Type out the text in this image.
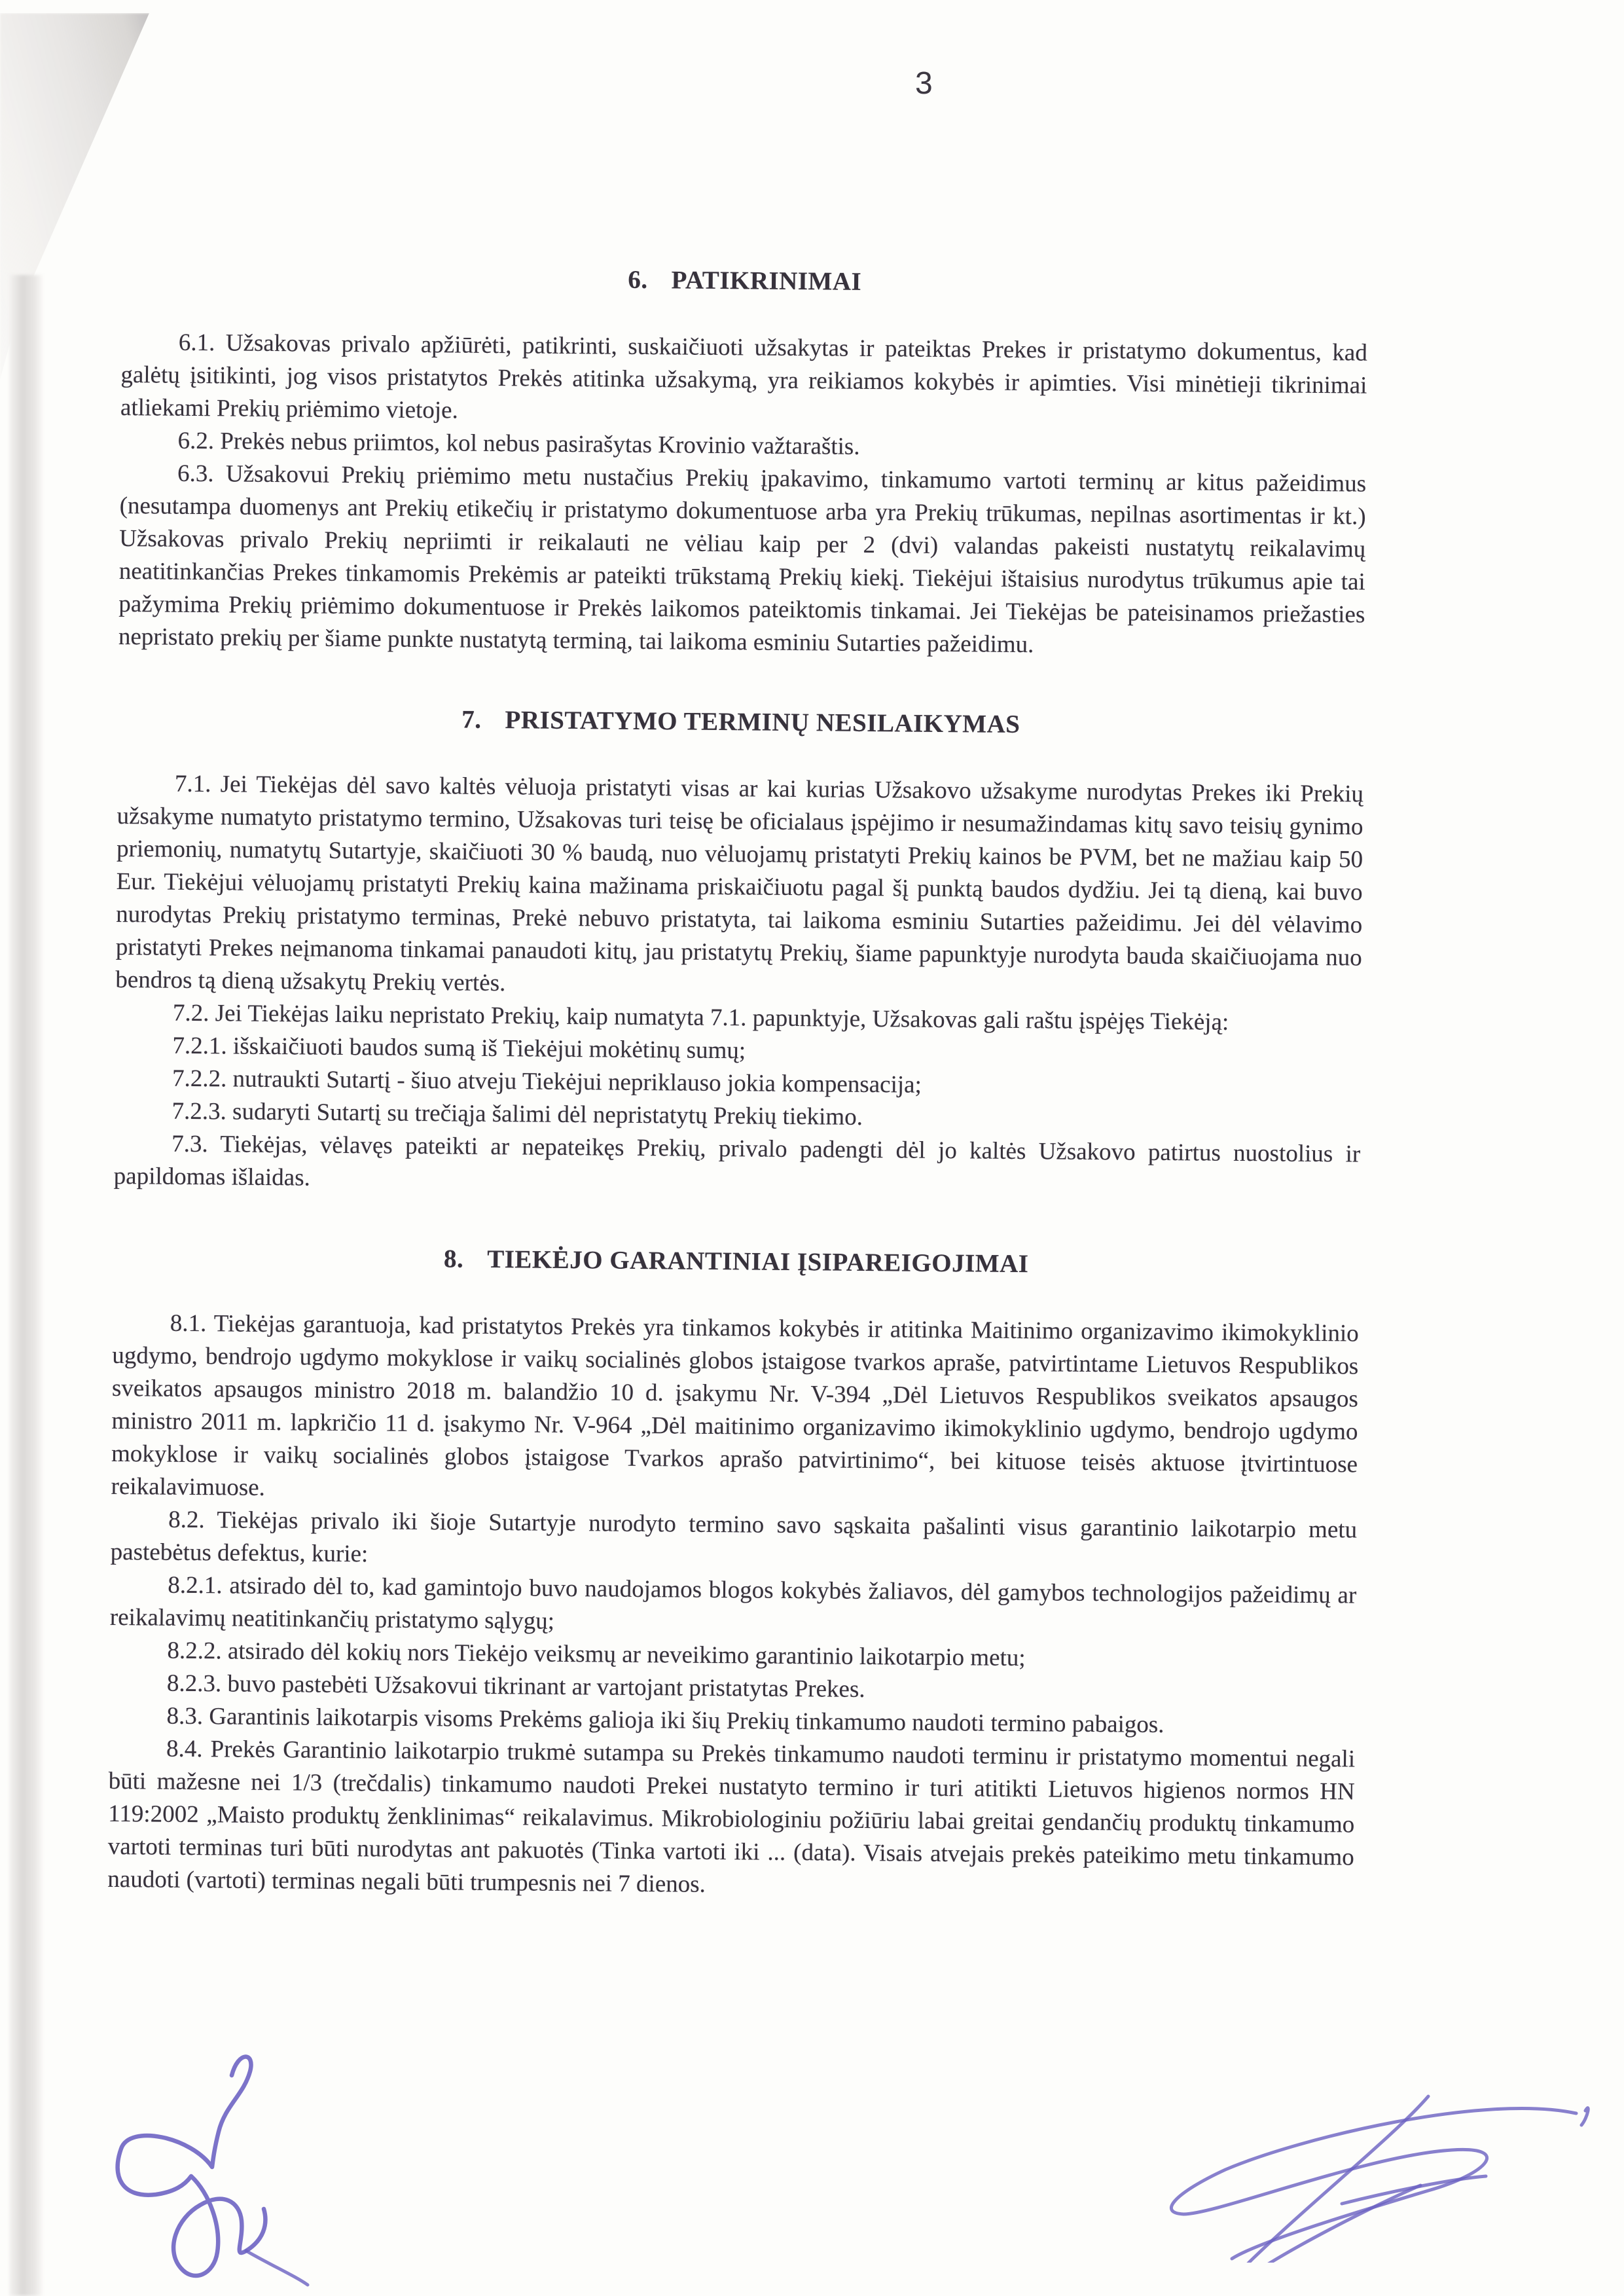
3
6. PATIKRINIMAI

6.1. Užsakovas privalo apžiūrėti, patikrinti, suskaičiuoti užsakytas ir pateiktas Prekes ir pristatymo dokumentus, kad galėtų įsitikinti, jog visos pristatytos Prekės atitinka užsakymą, yra reikiamos kokybės ir apimties. Visi minėtieji tikrinimai atliekami Prekių priėmimo vietoje.

6.2. Prekės nebus priimtos, kol nebus pasirašytas Krovinio važtaraštis.

6.3. Užsakovui Prekių priėmimo metu nustačius Prekių įpakavimo, tinkamumo vartoti terminų ar kitus pažeidimus (nesutampa duomenys ant Prekių etikečių ir pristatymo dokumentuose arba yra Prekių trūkumas, nepilnas asortimentas ir kt.) Užsakovas privalo Prekių nepriimti ir reikalauti ne vėliau kaip per 2 (dvi) valandas pakeisti nustatytų reikalavimų neatitinkančias Prekes tinkamomis Prekėmis ar pateikti trūkstamą Prekių kiekį. Tiekėjui ištaisius nurodytus trūkumus apie tai pažymima Prekių priėmimo dokumentuose ir Prekės laikomos pateiktomis tinkamai. Jei Tiekėjas be pateisinamos priežasties nepristato prekių per šiame punkte nustatytą terminą, tai laikoma esminiu Sutarties pažeidimu.

7. PRISTATYMO TERMINŲ NESILAIKYMAS

7.1. Jei Tiekėjas dėl savo kaltės vėluoja pristatyti visas ar kai kurias Užsakovo užsakyme nurodytas Prekes iki Prekių užsakyme numatyto pristatymo termino, Užsakovas turi teisę be oficialaus įspėjimo ir nesumažindamas kitų savo teisių gynimo priemonių, numatytų Sutartyje, skaičiuoti 30 % baudą, nuo vėluojamų pristatyti Prekių kainos be PVM, bet ne mažiau kaip 50 Eur. Tiekėjui vėluojamų pristatyti Prekių kaina mažinama priskaičiuotu pagal šį punktą baudos dydžiu. Jei tą dieną, kai buvo nurodytas Prekių pristatymo terminas, Prekė nebuvo pristatyta, tai laikoma esminiu Sutarties pažeidimu. Jei dėl vėlavimo pristatyti Prekes neįmanoma tinkamai panaudoti kitų, jau pristatytų Prekių, šiame papunktyje nurodyta bauda skaičiuojama nuo bendros tą dieną užsakytų Prekių vertės.

7.2. Jei Tiekėjas laiku nepristato Prekių, kaip numatyta 7.1. papunktyje, Užsakovas gali raštu įspėjęs Tiekėją:

7.2.1. išskaičiuoti baudos sumą iš Tiekėjui mokėtinų sumų;

7.2.2. nutraukti Sutartį - šiuo atveju Tiekėjui nepriklauso jokia kompensacija;

7.2.3. sudaryti Sutartį su trečiąja šalimi dėl nepristatytų Prekių tiekimo.

7.3. Tiekėjas, vėlavęs pateikti ar nepateikęs Prekių, privalo padengti dėl jo kaltės Užsakovo patirtus nuostolius ir papildomas išlaidas.

8. TIEKĖJO GARANTINIAI ĮSIPAREIGOJIMAI

8.1. Tiekėjas garantuoja, kad pristatytos Prekės yra tinkamos kokybės ir atitinka Maitinimo organizavimo ikimokyklinio ugdymo, bendrojo ugdymo mokyklose ir vaikų socialinės globos įstaigose tvarkos apraše, patvirtintame Lietuvos Respublikos sveikatos apsaugos ministro 2018 m. balandžio 10 d. įsakymu Nr. V-394 „Dėl Lietuvos Respublikos sveikatos apsaugos ministro 2011 m. lapkričio 11 d. įsakymo Nr. V-964 „Dėl maitinimo organizavimo ikimokyklinio ugdymo, bendrojo ugdymo mokyklose ir vaikų socialinės globos įstaigose Tvarkos aprašo patvirtinimo“, bei kituose teisės aktuose įtvirtintuose reikalavimuose.

8.2. Tiekėjas privalo iki šioje Sutartyje nurodyto termino savo sąskaita pašalinti visus garantinio laikotarpio metu pastebėtus defektus, kurie:

8.2.1. atsirado dėl to, kad gamintojo buvo naudojamos blogos kokybės žaliavos, dėl gamybos technologijos pažeidimų ar reikalavimų neatitinkančių pristatymo sąlygų;

8.2.2. atsirado dėl kokių nors Tiekėjo veiksmų ar neveikimo garantinio laikotarpio metu;

8.2.3. buvo pastebėti Užsakovui tikrinant ar vartojant pristatytas Prekes.

8.3. Garantinis laikotarpis visoms Prekėms galioja iki šių Prekių tinkamumo naudoti termino pabaigos.

8.4. Prekės Garantinio laikotarpio trukmė sutampa su Prekės tinkamumo naudoti terminu ir pristatymo momentui negali būti mažesne nei 1/3 (trečdalis) tinkamumo naudoti Prekei nustatyto termino ir turi atitikti Lietuvos higienos normos HN 119:2002 „Maisto produktų ženklinimas“ reikalavimus. Mikrobiologiniu požiūriu labai greitai gendančių produktų tinkamumo vartoti terminas turi būti nurodytas ant pakuotės (Tinka vartoti iki ... (data). Visais atvejais prekės pateikimo metu tinkamumo naudoti (vartoti) terminas negali būti trumpesnis nei 7 dienos.
